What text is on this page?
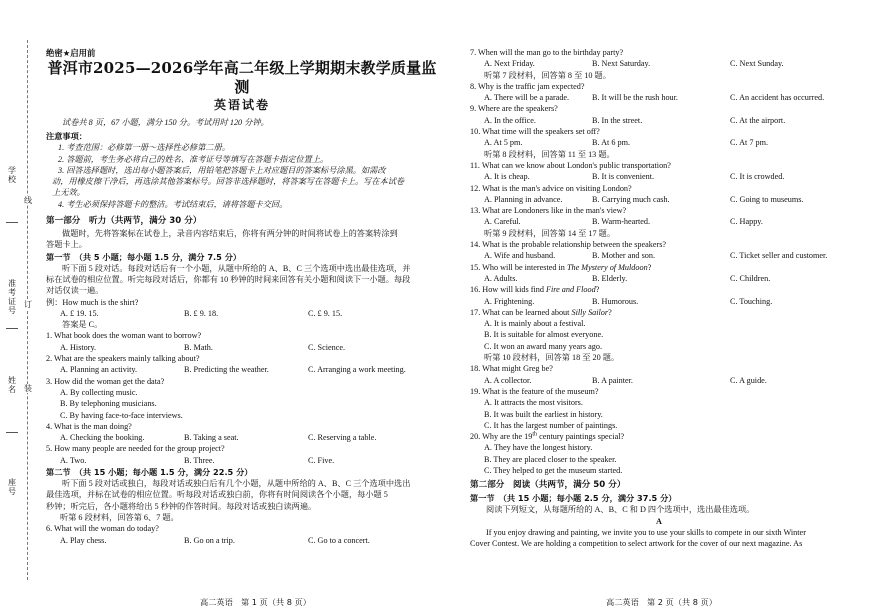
学
校
准
考
证
号
姓
名
座
号
线
订
装

绝密★启用前

普洱市2025—2026学年高二年级上学期期末教学质量监测

英语试卷

试卷共 8 页，67 小题，满分 150 分。考试用时 120 分钟。

注意事项：

1. 考查范围：必修第一册～选择性必修第二册。

2. 答题前，考生务必将自己的姓名、准考证号等填写在答题卡指定位置上。

3. 回答选择题时，选出每小题答案后，用铅笔把答题卡上对应题目的答案标号涂黑。如需改

动，用橡皮擦干净后，再选涂其他答案标号。回答非选择题时，将答案写在答题卡上。写在本试卷

上无效。

4. 考生必须保持答题卡的整洁。考试结束后，请将答题卡交回。

第一部分　听力（共两节，满分 30 分）

做题时，先将答案标在试卷上，录音内容结束后，你将有两分钟的时间将试卷上的答案转涂到

答题卡上。

第一节　（共 5 小题；每小题 1.5 分，满分 7.5 分）

听下面 5 段对话。每段对话后有一个小题，从题中所给的 A、B、C 三个选项中选出最佳选项，并

标在试卷的相应位置。听完每段对话后，你都有 10 秒钟的时间来回答有关小题和阅读下一小题。每段

对话仅读一遍。

例：How much is the shirt?

A. £ 19. 15.	B. £ 9. 18.	C. £ 9. 15.

答案是 C。

1. What book does the woman want to borrow?

A. History.	B. Math.	C. Science.

2. What are the speakers mainly talking about?

A. Planning an activity.	B. Predicting the weather.	C. Arranging a work meeting.

3. How did the woman get the data?

A. By collecting music.

B. By telephoning musicians.

C. By having face-to-face interviews.

4. What is the man doing?

A. Checking the booking.	B. Taking a seat.	C. Reserving a table.

5. How many people are needed for the group project?

A. Two.	B. Three.	C. Five.

第二节　（共 15 小题；每小题 1.5 分，满分 22.5 分）

听下面 5 段对话或独白，每段对话或独白后有几个小题，从题中所给的 A、B、C 三个选项中选出

最佳选项，并标在试卷的相应位置。听每段对话或独白前，你将有时间阅读各个小题，每小题 5

秒钟；听完后，各小题将给出 5 秒钟的作答时间。每段对话或独白读两遍。

听第 6 段材料，回答第 6、7 题。

6. What will the woman do today?

A. Play chess.	B. Go on a trip.	C. Go to a concert.

7. When will the man go to the birthday party?

A. Next Friday.	B. Next Saturday.	C. Next Sunday.

听第 7 段材料，回答第 8 至 10 题。

8. Why is the traffic jam expected?

A. There will be a parade.	B. It will be the rush hour.	C. An accident has occurred.

9. Where are the speakers?

A. In the office.	B. In the street.	C. At the airport.

10. What time will the speakers set off?

A. At 5 pm.	B. At 6 pm.	C. At 7 pm.

听第 8 段材料，回答第 11 至 13 题。

11. What can we know about London's public transportation?

A. It is cheap.	B. It is convenient.	C. It is crowded.

12. What is the man's advice on visiting London?

A. Planning in advance.	B. Carrying much cash.	C. Going to museums.

13. What are Londoners like in the man's view?

A. Careful.	B. Warm-hearted.	C. Happy.

听第 9 段材料，回答第 14 至 17 题。

14. What is the probable relationship between the speakers?

A. Wife and husband.	B. Mother and son.	C. Ticket seller and customer.

15. Who will be interested in The Mystery of Muldoon?

A. Adults.	B. Elderly.	C. Children.

16. How will kids find Fire and Flood?

A. Frightening.	B. Humorous.	C. Touching.

17. What can be learned about Silly Sailor?

A. It is mainly about a festival.

B. It is suitable for almost everyone.

C. It won an award many years ago.

听第 10 段材料，回答第 18 至 20 题。

18. What might Greg be?

A. A collector.	B. A painter.	C. A guide.

19. What is the feature of the museum?

A. It attracts the most visitors.

B. It was built the earliest in history.

C. It has the largest number of paintings.

20. Why are the 19th century paintings special?

A. They have the longest history.

B. They are placed closer to the speaker.

C. They helped to get the museum started.

第二部分　阅读（共两节，满分 50 分）

第一节　（共 15 小题；每小题 2.5 分，满分 37.5 分）

阅读下列短文，从每题所给的 A、B、C 和 D 四个选项中，选出最佳选项。

A

If you enjoy drawing and painting, we invite you to use your skills to compete in our sixth Winter

Cover Contest. We are holding a competition to select artwork for the cover of our next magazine. As

高二英语　第 1 页（共 8 页）	高二英语　第 2 页（共 8 页）
